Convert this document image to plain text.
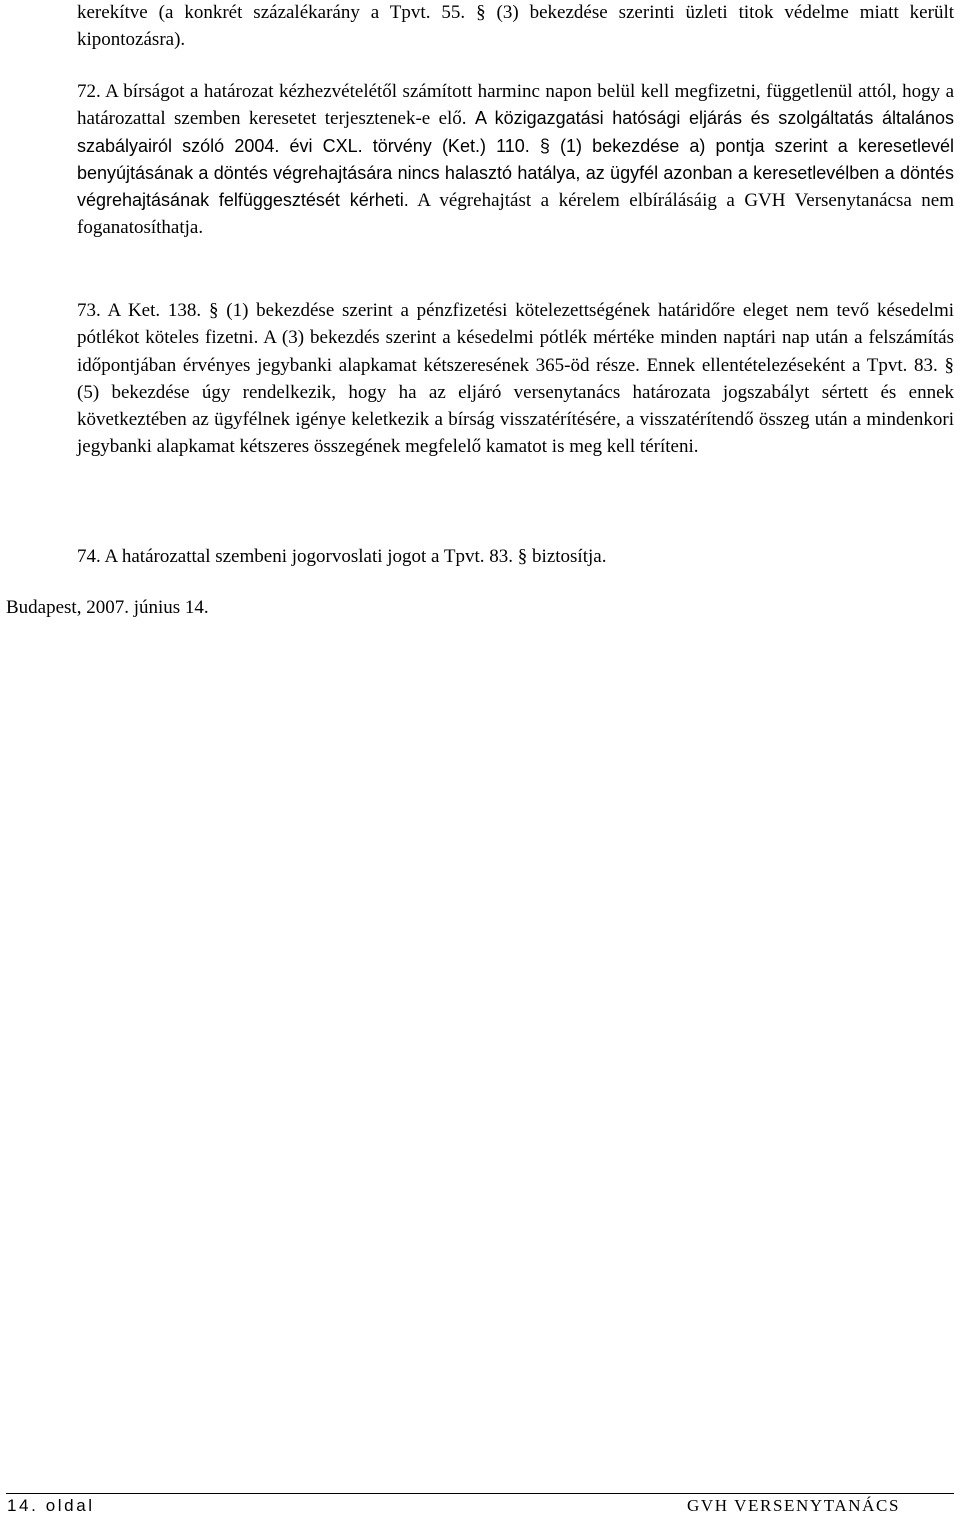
kerekítve (a konkrét százalékarány a Tpvt. 55. § (3) bekezdése szerinti üzleti titok védelme miatt került kipontozásra).

72. A bírságot a határozat kézhezvételétől számított harminc napon belül kell megfizetni, függetlenül attól, hogy a határozattal szemben keresetet terjesztenek-e elő. A közigazgatási hatósági eljárás és szolgáltatás általános szabályairól szóló 2004. évi CXL. törvény (Ket.) 110. § (1) bekezdése a) pontja szerint a keresetlevél benyújtásának a döntés végrehajtására nincs halasztó hatálya, az ügyfél azonban a keresetlevélben a döntés végrehajtásának felfüggesztését kérheti. A végrehajtást a kérelem elbírálásáig a GVH Versenytanácsa nem foganatosíthatja.

73. A Ket. 138. § (1) bekezdése szerint a pénzfizetési kötelezettségének határidőre eleget nem tevő késedelmi pótlékot köteles fizetni. A (3) bekezdés szerint a késedelmi pótlék mértéke minden naptári nap után a felszámítás időpontjában érvényes jegybanki alapkamat kétszeresének 365-öd része. Ennek ellentételezéseként a Tpvt. 83. § (5) bekezdése úgy rendelkezik, hogy ha az eljáró versenytanács határozata jogszabályt sértett és ennek következtében az ügyfélnek igénye keletkezik a bírság visszatérítésére, a visszatérítendő összeg után a mindenkori jegybanki alapkamat kétszeres összegének megfelelő kamatot is meg kell téríteni.

74. A határozattal szembeni jogorvoslati jogot a Tpvt. 83. § biztosítja.

Budapest, 2007. június 14.

14. oldal	GVH VERSENYTANÁCS
